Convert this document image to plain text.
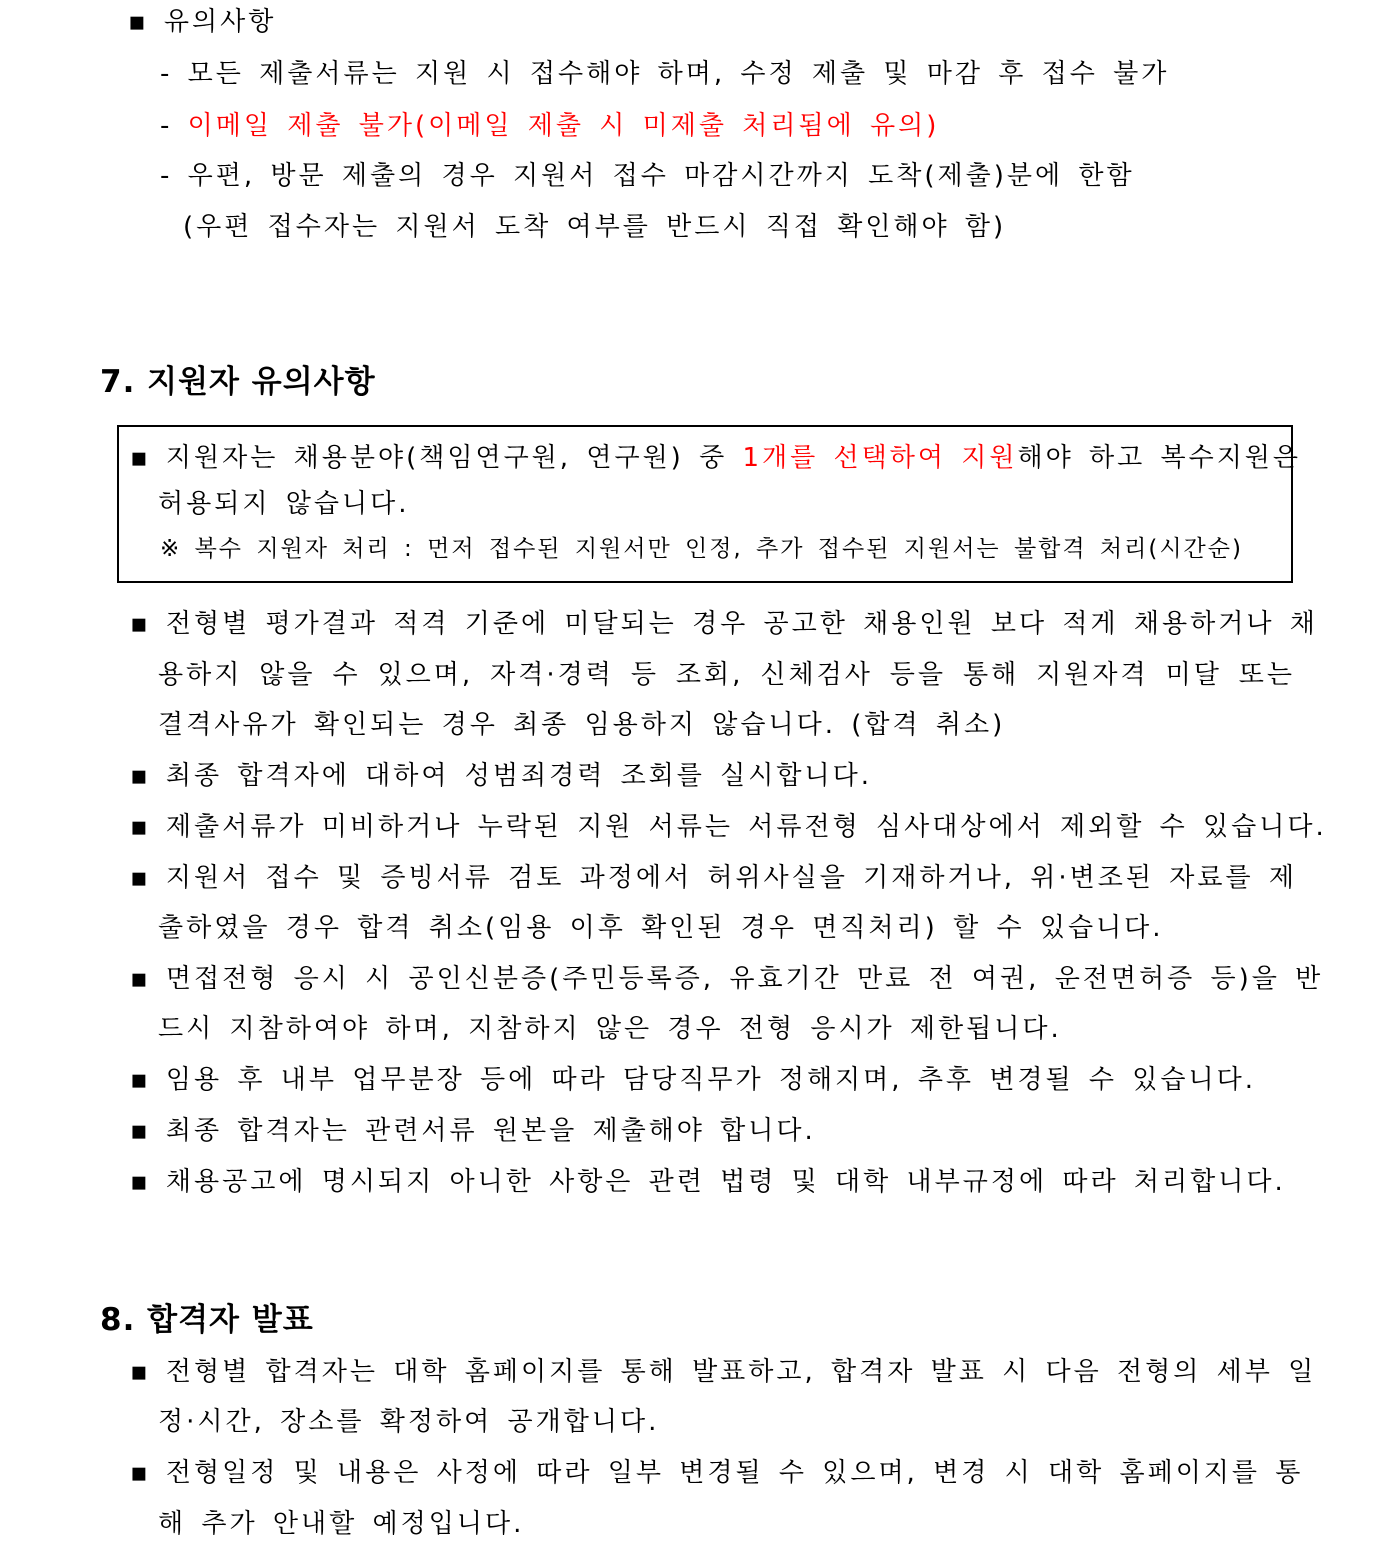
▪ 유의사항
- 모든 제출서류는 지원 시 접수해야 하며, 수정 제출 및 마감 후 접수 불가
- 이메일 제출 불가(이메일 제출 시 미제출 처리됨에 유의)
- 우편, 방문 제출의 경우 지원서 접수 마감시간까지 도착(제출)분에 한함
(우편 접수자는 지원서 도착 여부를 반드시 직접 확인해야 함)
7. 지원자 유의사항
▪ 지원자는 채용분야(책임연구원, 연구원) 중 1개를 선택하여 지원해야 하고 복수지원은
허용되지 않습니다.
※ 복수 지원자 처리 : 먼저 접수된 지원서만 인정, 추가 접수된 지원서는 불합격 처리(시간순)
▪ 전형별 평가결과 적격 기준에 미달되는 경우 공고한 채용인원 보다 적게 채용하거나 채
용하지 않을 수 있으며, 자격·경력 등 조회, 신체검사 등을 통해 지원자격 미달 또는
결격사유가 확인되는 경우 최종 임용하지 않습니다. (합격 취소)
▪ 최종 합격자에 대하여 성범죄경력 조회를 실시합니다.
▪ 제출서류가 미비하거나 누락된 지원 서류는 서류전형 심사대상에서 제외할 수 있습니다.
▪ 지원서 접수 및 증빙서류 검토 과정에서 허위사실을 기재하거나, 위·변조된 자료를 제
출하였을 경우 합격 취소(임용 이후 확인된 경우 면직처리) 할 수 있습니다.
▪ 면접전형 응시 시 공인신분증(주민등록증, 유효기간 만료 전 여권, 운전면허증 등)을 반
드시 지참하여야 하며, 지참하지 않은 경우 전형 응시가 제한됩니다.
▪ 임용 후 내부 업무분장 등에 따라 담당직무가 정해지며, 추후 변경될 수 있습니다.
▪ 최종 합격자는 관련서류 원본을 제출해야 합니다.
▪ 채용공고에 명시되지 아니한 사항은 관련 법령 및 대학 내부규정에 따라 처리합니다.
8. 합격자 발표
▪ 전형별 합격자는 대학 홈페이지를 통해 발표하고, 합격자 발표 시 다음 전형의 세부 일
정·시간, 장소를 확정하여 공개합니다.
▪ 전형일정 및 내용은 사정에 따라 일부 변경될 수 있으며, 변경 시 대학 홈페이지를 통
해 추가 안내할 예정입니다.
